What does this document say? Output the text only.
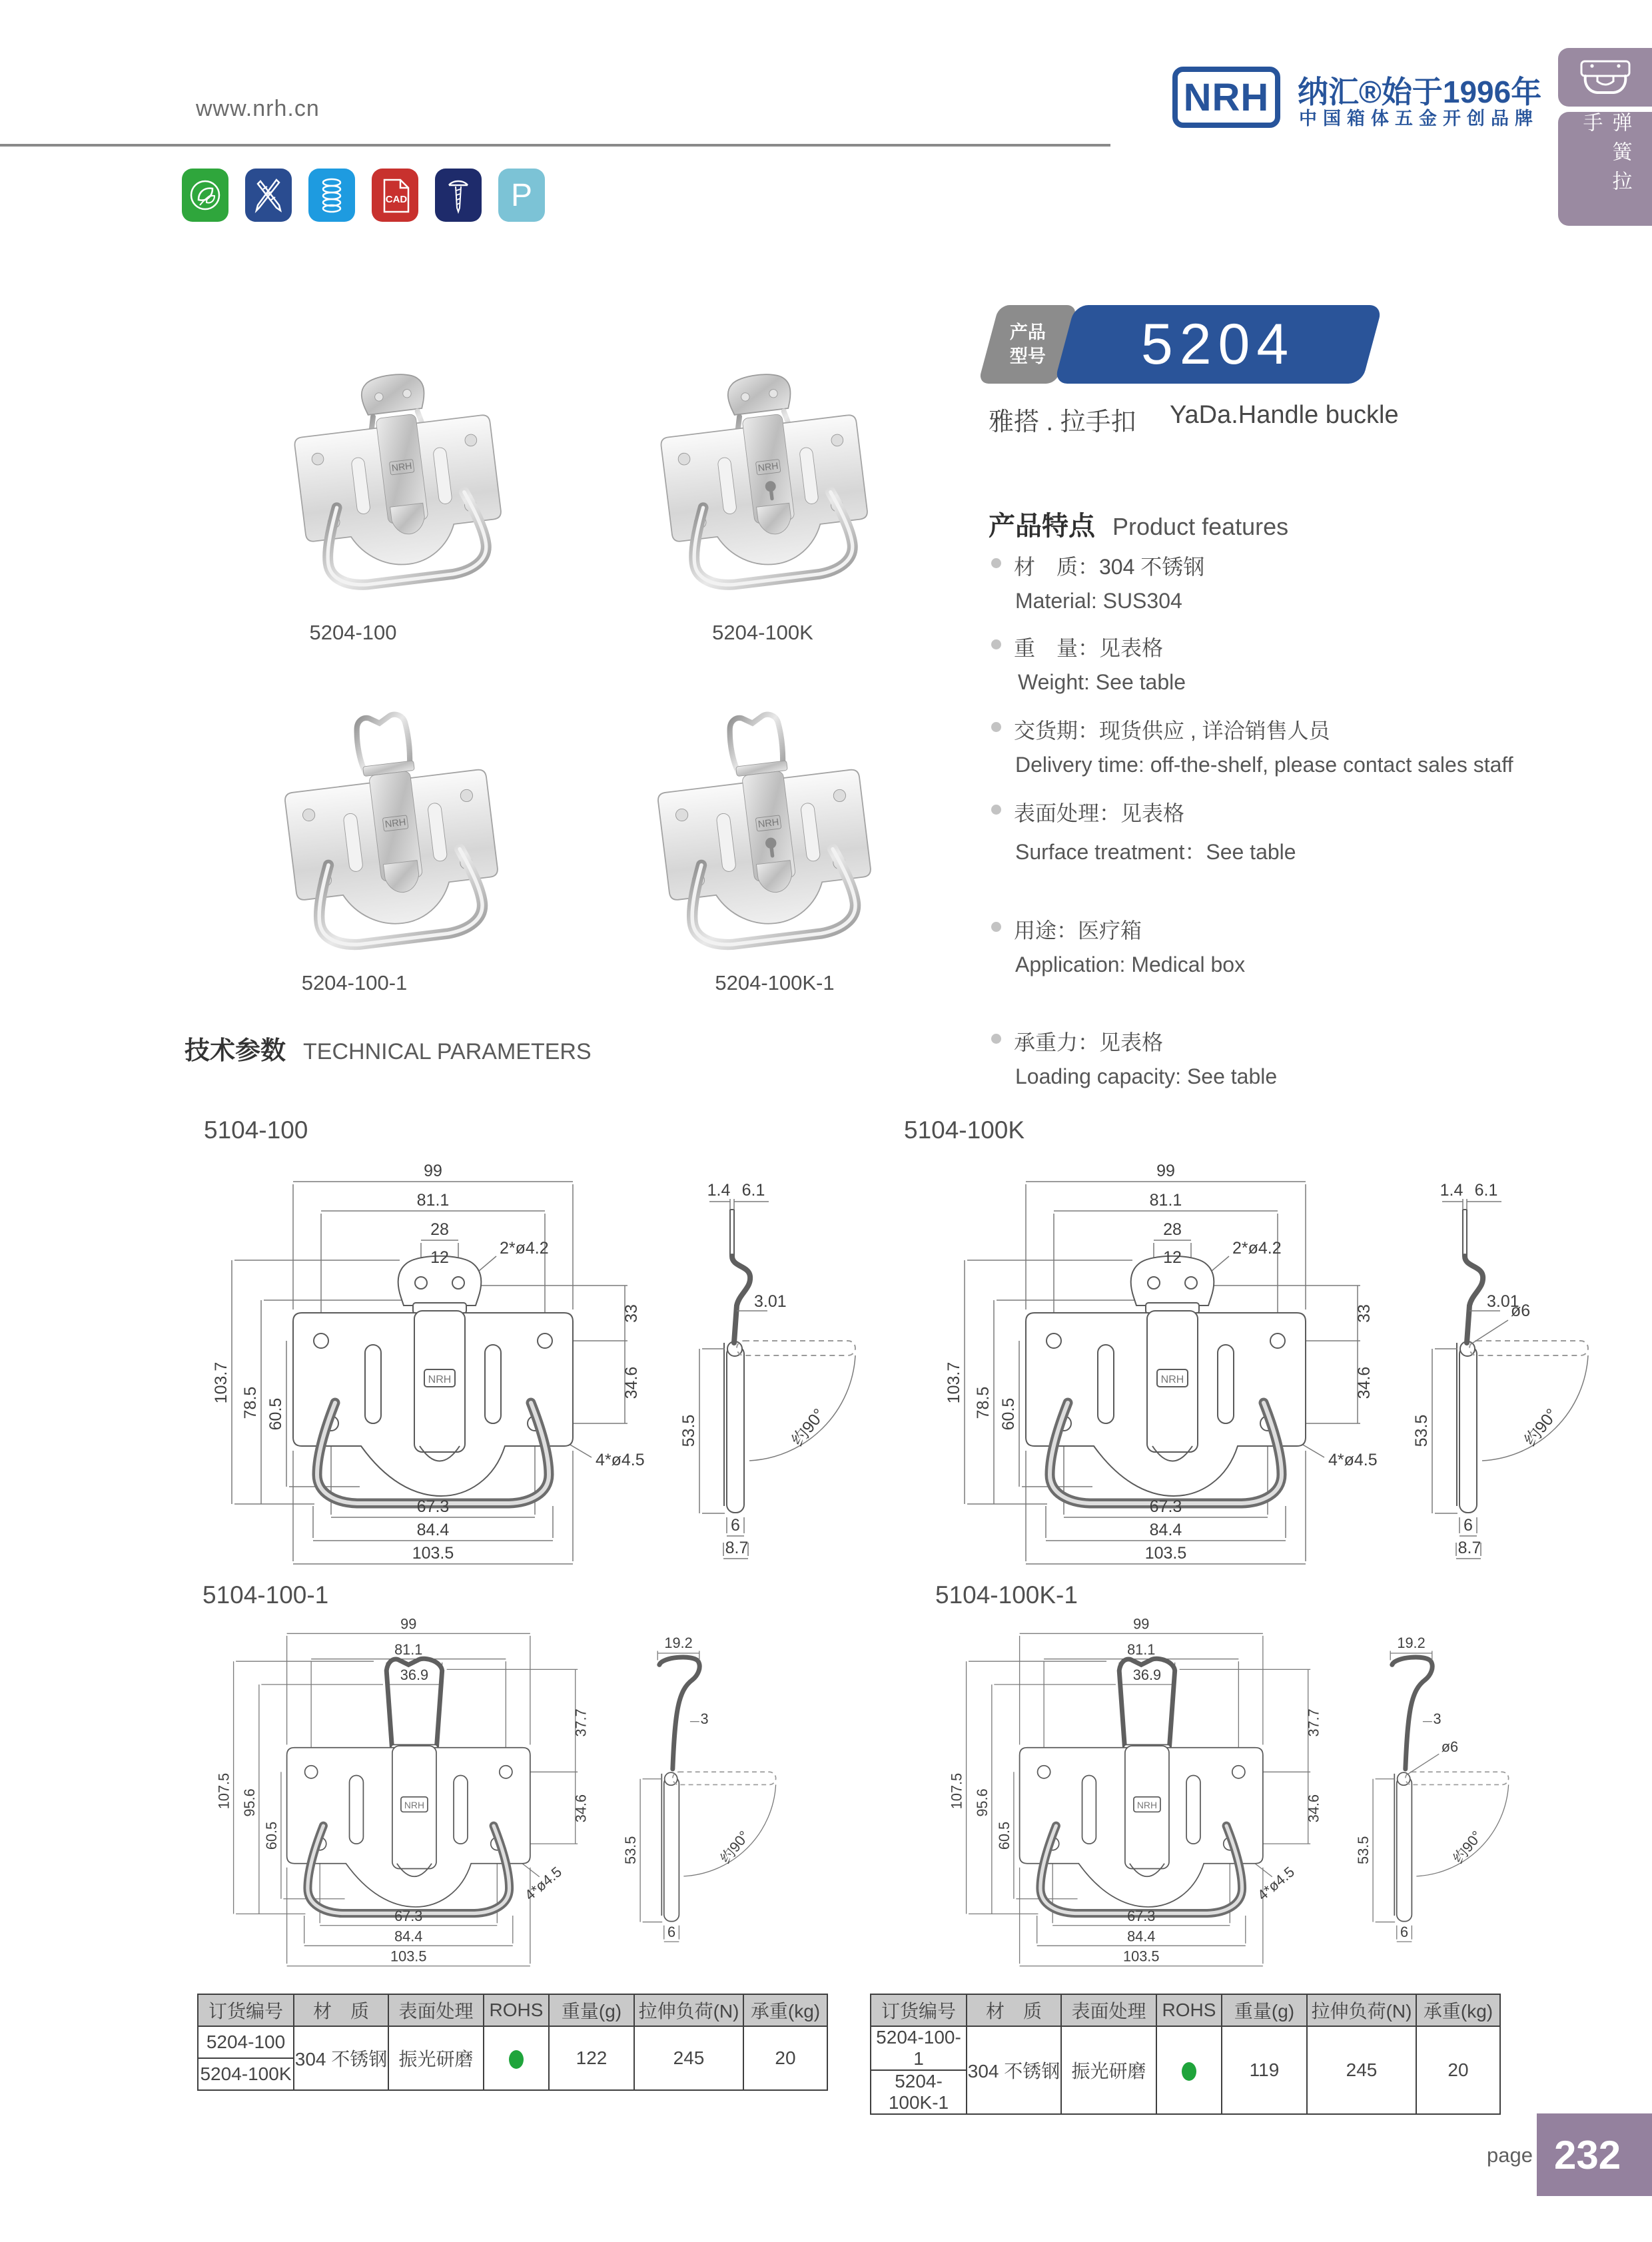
www.nrh.cn	NRH 纳汇®始于1996年
中国箱体五金开创品牌	弹簧拉手
CAD	P
产品
型号 5204
雅搭 . 拉手扣 YaDa.Handle buckle
产品特点 Product features
材　质：304 不锈钢
Material: SUS304
重　量：见表格
Weight: See table
交货期：现货供应 , 详洽销售人员
Delivery time: off-the-shelf, please contact sales staff
表面处理：见表格
Surface treatment：See table
用途：医疗箱
Application: Medical box
承重力：见表格
Loading capacity: See table
NRH	NRH
NRH	NRH
5204-100	5204-100K
5204-100-1	5204-100K-1
技术参数 TECHNICAL PARAMETERS
5104-100	5104-100K
5104-100-1	5104-100K-1
99
81.1
28
12	2*ø4.2
103.7 78.5 60.5
33
34.6
67.3
84.4
103.5
4*ø4.5
NRH
1.4 6.1
3.01
53.5	约90°
6
8.7
99
81.1
28
12	2*ø4.2
103.7 78.5 60.5
33
34.6
67.3
84.4
103.5
4*ø4.5
NRH
1.4 6.1
3.01
ø6
53.5	约90°
6
8.7
99
81.1
36.9
107.5 95.6
60.5
37.7
34.6
67.3
84.4
103.5
4*ø4.5
NRH
19.2
3
53.5	约90°
6
99
81.1
36.9
107.5 95.6
60.5
37.7
34.6
67.3
84.4
103.5
4*ø4.5
NRH
19.2
3
ø6
53.5	约90°
6
订货编号	材　质	表面处理	ROHS	重量(g)	拉伸负荷(N)	承重(kg)
5204-100	304 不锈钢	振光研磨		122	245	20
5204-100K						
订货编号	材　质	表面处理	ROHS	重量(g)	拉伸负荷(N)	承重(kg)
5204-100-1	304 不锈钢	振光研磨		119	245	20
5204-100K-1						
page 232
